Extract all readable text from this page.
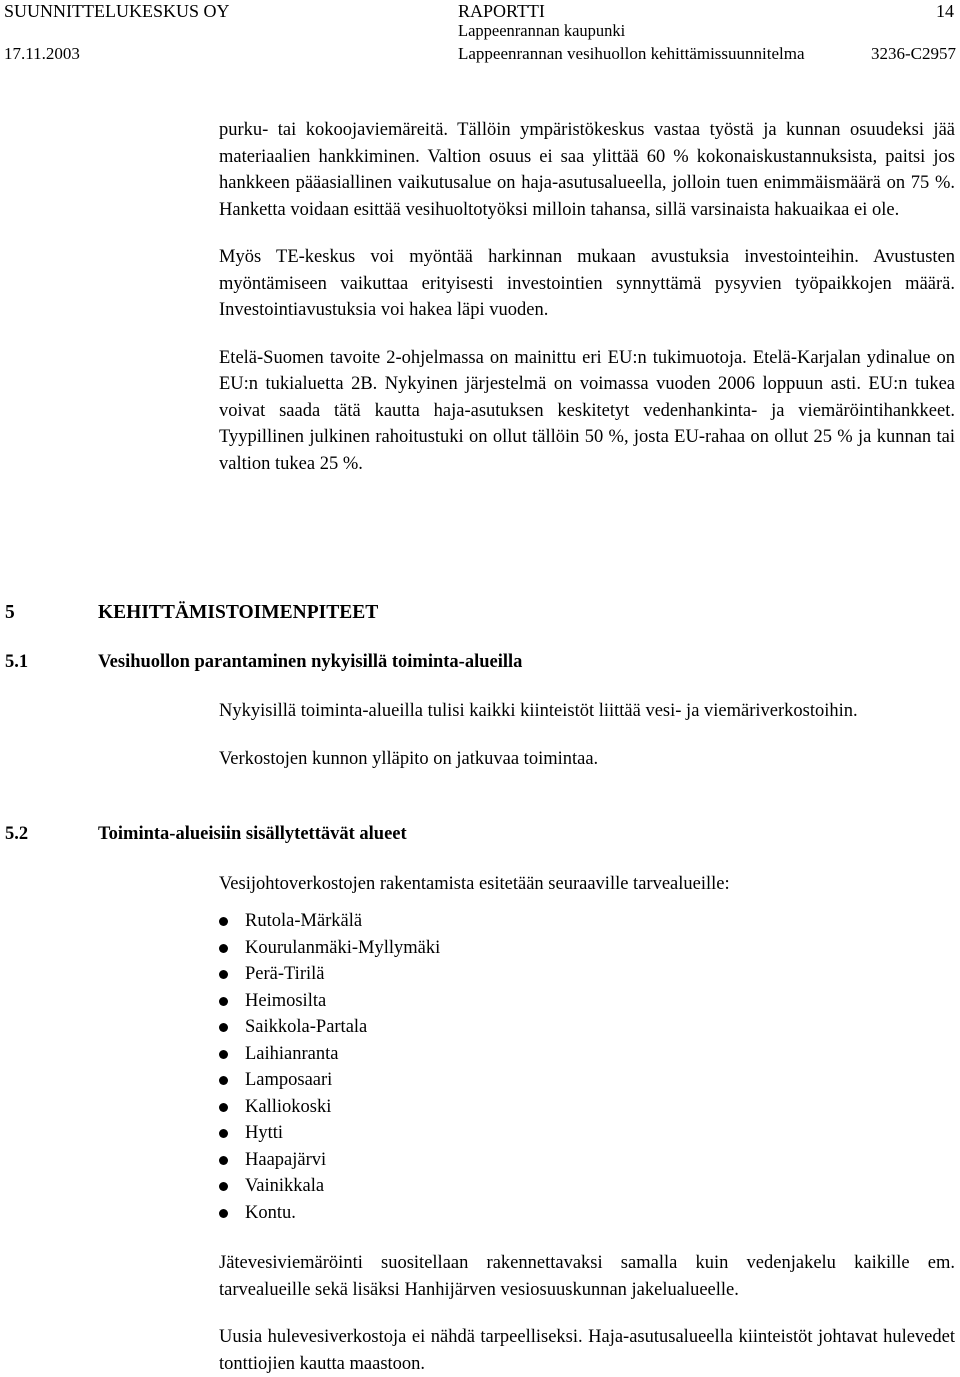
SUUNNITTELUKESKUS OY	RAPORTTI	14
Lappeenrannan kaupunki
17.11.2003	Lappeenrannan vesihuollon kehittämissuunnitelma	3236-C2957

purku- tai kokoojaviemäreitä. Tällöin ympäristökeskus vastaa työstä ja kunnan osuudeksi jää materiaalien hankkiminen. Valtion osuus ei saa ylittää 60 % kokonaiskustannuksista, paitsi jos hankkeen pääasiallinen vaikutusalue on haja-asutusalueella, jolloin tuen enimmäismäärä on 75 %. Hanketta voidaan esittää vesihuoltotyöksi milloin tahansa, sillä varsinaista hakuaikaa ei ole.

Myös TE-keskus voi myöntää harkinnan mukaan avustuksia investointeihin. Avustusten myöntämiseen vaikuttaa erityisesti investointien synnyttämä pysyvien työpaikkojen määrä. Investointiavustuksia voi hakea läpi vuoden.

Etelä-Suomen tavoite 2-ohjelmassa on mainittu eri EU:n tukimuotoja. Etelä-Karjalan ydinalue on EU:n tukialuetta 2B. Nykyinen järjestelmä on voimassa vuoden 2006 loppuun asti. EU:n tukea voivat saada tätä kautta haja-asutuksen keskitetyt vedenhankinta- ja viemäröintihankkeet. Tyypillinen julkinen rahoitustuki on ollut tällöin 50 %, josta EU-rahaa on ollut 25 % ja kunnan tai valtion tukea 25 %.

5	KEHITTÄMISTOIMENPITEET
5.1	Vesihuollon parantaminen nykyisillä toiminta-alueilla

Nykyisillä toiminta-alueilla tulisi kaikki kiinteistöt liittää vesi- ja viemäriverkostoihin.

Verkostojen kunnon ylläpito on jatkuvaa toimintaa.

5.2	Toiminta-alueisiin sisällytettävät alueet
Vesijohtoverkostojen rakentamista esitetään seuraaville tarvealueille:
Rutola-Märkälä
Kourulanmäki-Myllymäki
Perä-Tirilä
Heimosilta
Saikkola-Partala
Laihianranta
Lamposaari
Kalliokoski
Hytti
Haapajärvi
Vainikkala
Kontu.

Jätevesiviemäröinti suositellaan rakennettavaksi samalla kuin vedenjakelu kaikille em. tarvealueille sekä lisäksi Hanhijärven vesiosuuskunnan jakelualueelle.

Uusia hulevesiverkostoja ei nähdä tarpeelliseksi. Haja-asutusalueella kiinteistöt johtavat hulevedet tonttiojien kautta maastoon.
